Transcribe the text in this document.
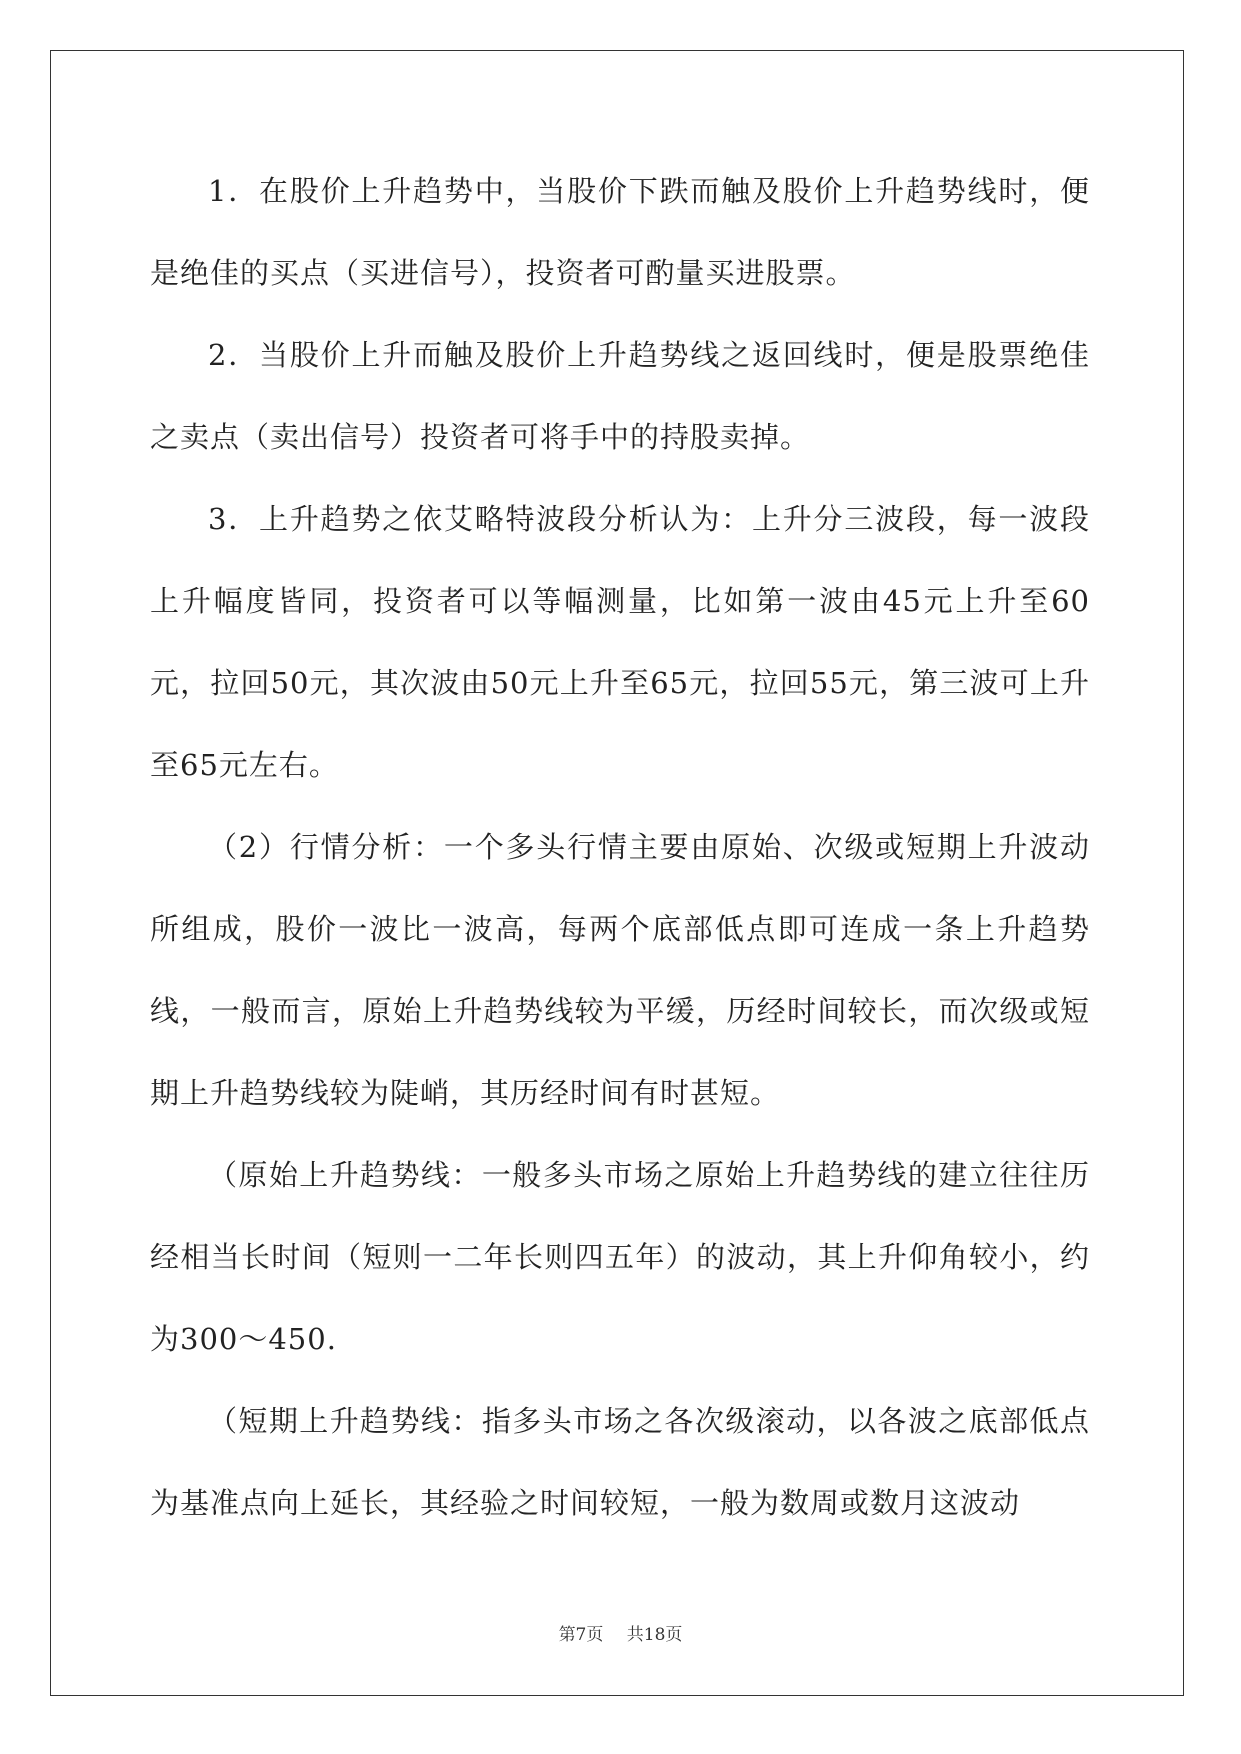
1．在股价上升趋势中，当股价下跌而触及股价上升趋势线时，便是绝佳的买点（买进信号），投资者可酌量买进股票。

2．当股价上升而触及股价上升趋势线之返回线时，便是股票绝佳之卖点（卖出信号）投资者可将手中的持股卖掉。

3．上升趋势之依艾略特波段分析认为：上升分三波段，每一波段上升幅度皆同，投资者可以等幅测量，比如第一波由45元上升至60元，拉回50元，其次波由50元上升至65元，拉回55元，第三波可上升至65元左右。

（2）行情分析：一个多头行情主要由原始、次级或短期上升波动所组成，股价一波比一波高，每两个底部低点即可连成一条上升趋势线，一般而言，原始上升趋势线较为平缓，历经时间较长，而次级或短期上升趋势线较为陡峭，其历经时间有时甚短。

（原始上升趋势线：一般多头市场之原始上升趋势线的建立往往历经相当长时间（短则一二年长则四五年）的波动，其上升仰角较小，约为300～450.

（短期上升趋势线：指多头市场之各次级滚动，以各波之底部低点为基准点向上延长，其经验之时间较短，一般为数周或数月这波动

第7页 共18页
